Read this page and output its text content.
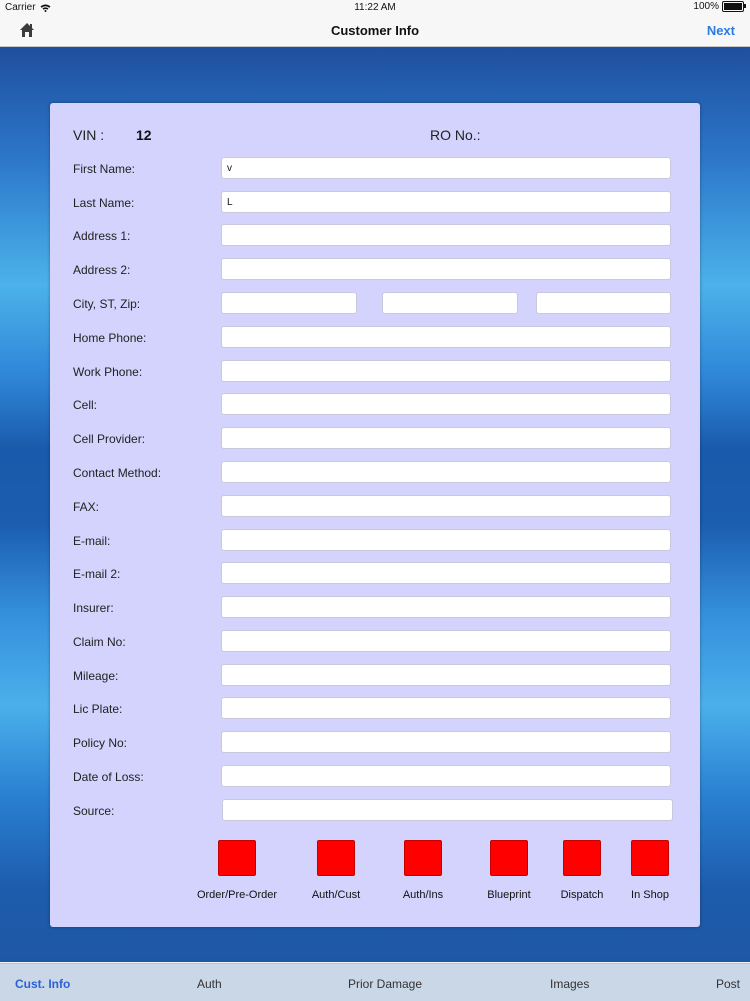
Carrier	11:22 AM	100%
Customer Info	Next
VIN : 12	RO No.:
First Name:
v
Last Name:
L
Address 1:
Address 2:
City, ST, Zip:
Home Phone:
Work Phone:
Cell:
Cell Provider:
Contact Method:
FAX:
E-mail:
E-mail 2:
Insurer:
Claim No:
Mileage:
Lic Plate:
Policy No:
Date of Loss:
Source:
Order/Pre-Order	Auth/Cust	Auth/Ins	Blueprint	Dispatch	In Shop
Cust. Info	Auth	Prior Damage	Images	Post
